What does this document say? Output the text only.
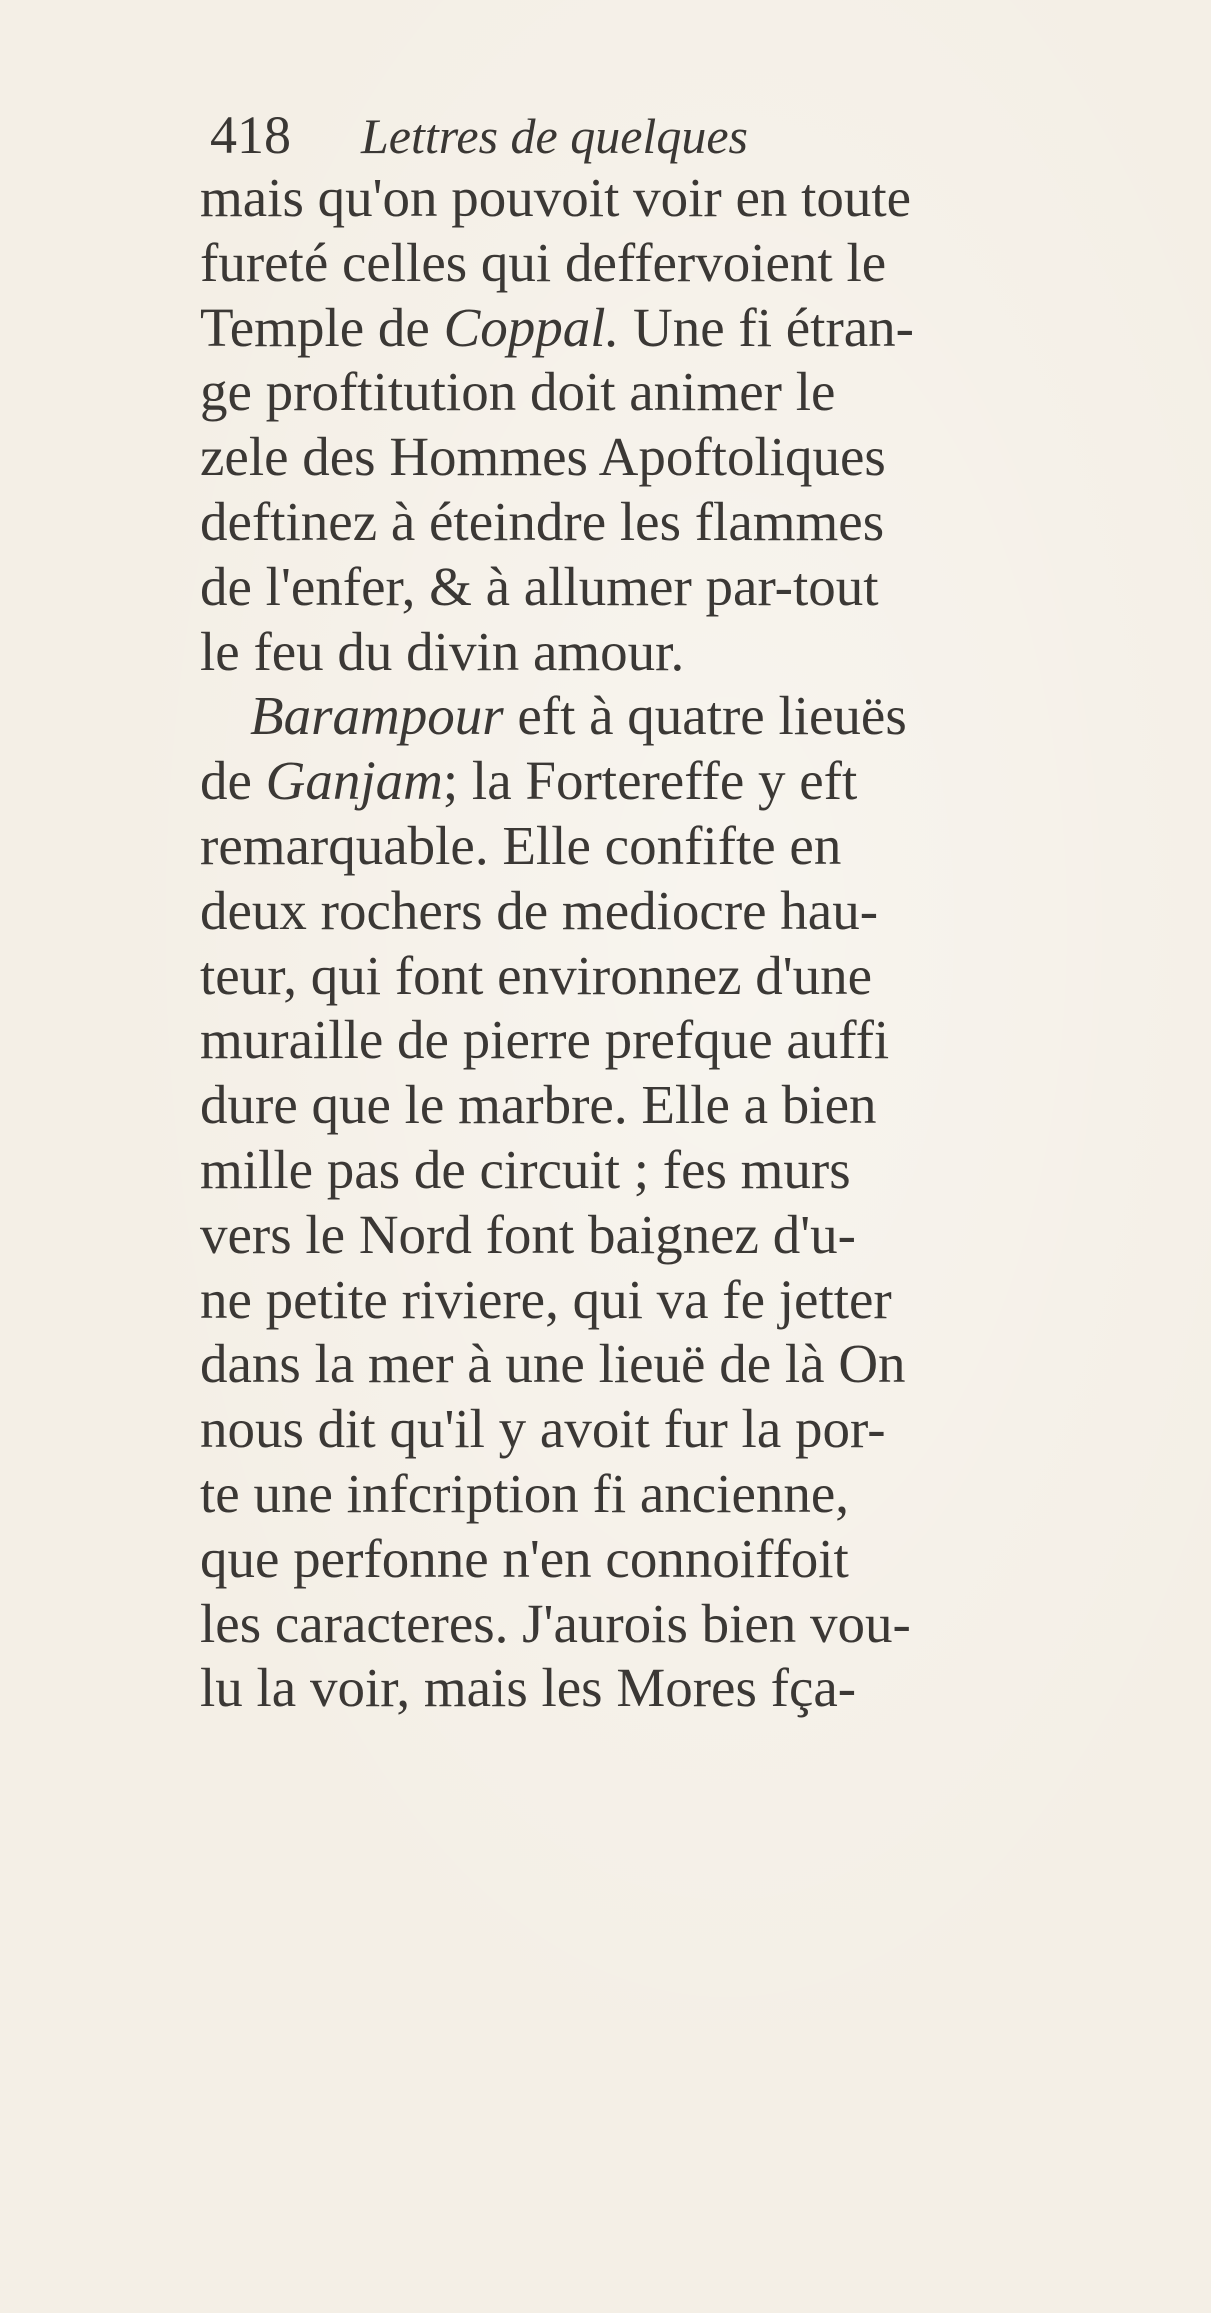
418 Lettres de quelques
mais qu'on pouvoit voir en toute
fureté celles qui deffervoient le
Temple de Coppal. Une fi étran-
ge proftitution doit animer le
zele des Hommes Apoftoliques
deftinez à éteindre les flammes
de l'enfer, & à allumer par-tout
le feu du divin amour.
Barampour eft à quatre lieuës
de Ganjam; la Fortereffe y eft
remarquable. Elle confifte en
deux rochers de mediocre hau-
teur, qui font environnez d'une
muraille de pierre prefque auffi
dure que le marbre. Elle a bien
mille pas de circuit ; fes murs
vers le Nord font baignez d'u-
ne petite riviere, qui va fe jetter
dans la mer à une lieuë de là On
nous dit qu'il y avoit fur la por-
te une infcription fi ancienne,
que perfonne n'en connoiffoit
les caracteres. J'aurois bien vou-
lu la voir, mais les Mores fça-
